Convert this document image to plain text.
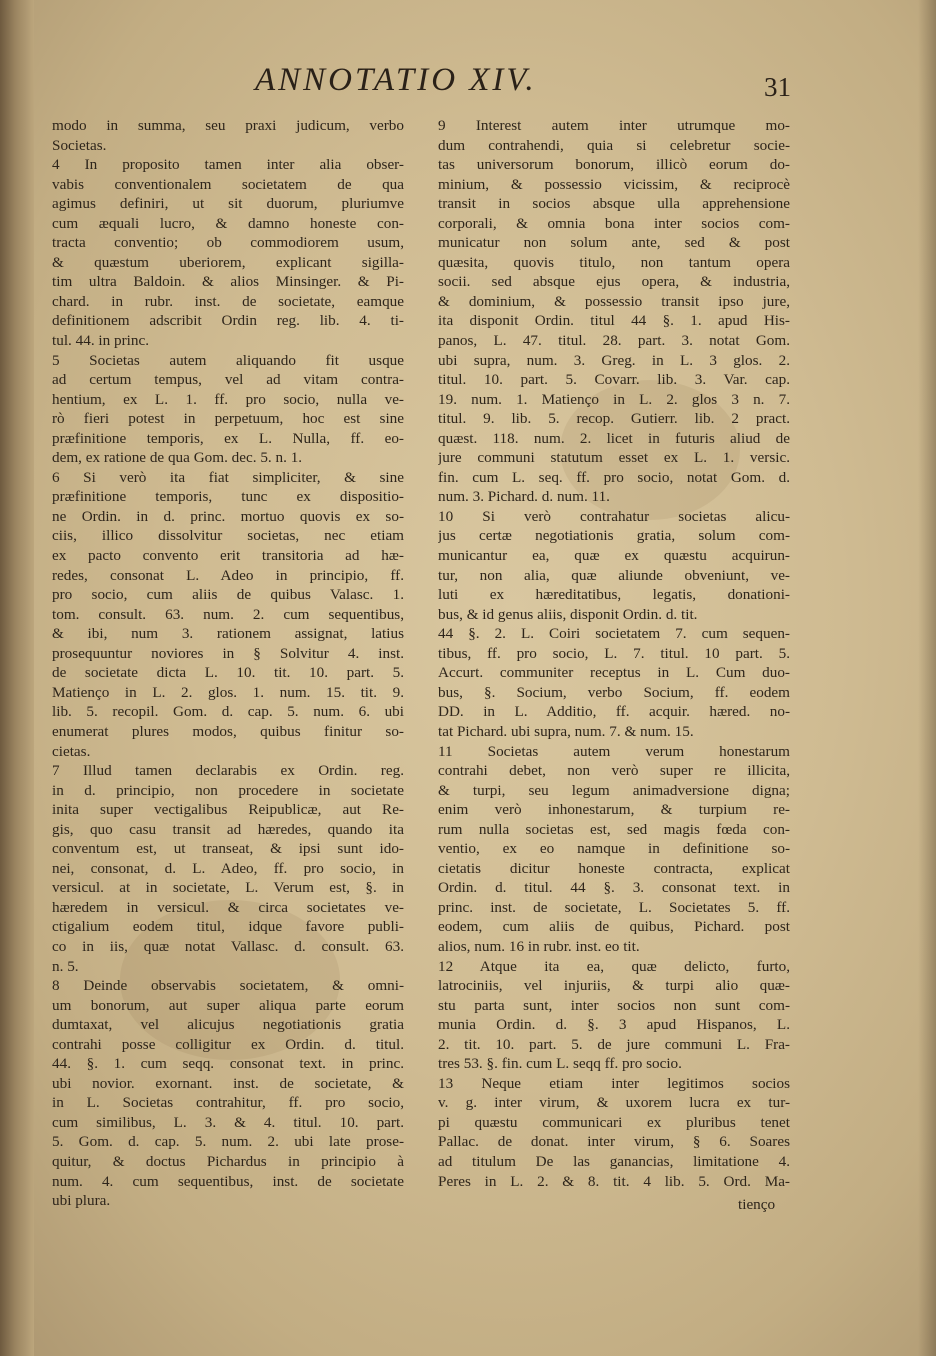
ANNOTATIO XIV.	31
modo in summa, seu praxi judicum, verbo
Societas.
4 In proposito tamen inter alia obser-
vabis conventionalem societatem de qua
agimus definiri, ut sit duorum, pluriumve
cum æquali lucro, & damno honeste con-
tracta conventio; ob commodiorem usum,
& quæstum uberiorem, explicant sigilla-
tim ultra Baldoin. & alios Minsinger. & Pi-
chard. in rubr. inst. de societate, eamque
definitionem adscribit Ordin reg. lib. 4. ti-
tul. 44. in princ.
5 Societas autem aliquando fit usque
ad certum tempus, vel ad vitam contra-
hentium, ex L. 1. ff. pro socio, nulla ve-
rò fieri potest in perpetuum, hoc est sine
præfinitione temporis, ex L. Nulla, ff. eo-
dem, ex ratione de qua Gom. dec. 5. n. 1.
6 Si verò ita fiat simpliciter, & sine
præfinitione temporis, tunc ex dispositio-
ne Ordin. in d. princ. mortuo quovis ex so-
ciis, illico dissolvitur societas, nec etiam
ex pacto convento erit transitoria ad hæ-
redes, consonat L. Adeo in principio, ff.
pro socio, cum aliis de quibus Valasc. 1.
tom. consult. 63. num. 2. cum sequentibus,
& ibi, num 3. rationem assignat, latius
prosequuntur noviores in § Solvitur 4. inst.
de societate dicta L. 10. tit. 10. part. 5.
Matienço in L. 2. glos. 1. num. 15. tit. 9.
lib. 5. recopil. Gom. d. cap. 5. num. 6. ubi
enumerat plures modos, quibus finitur so-
cietas.
7 Illud tamen declarabis ex Ordin. reg.
in d. principio, non procedere in societate
inita super vectigalibus Reipublicæ, aut Re-
gis, quo casu transit ad hæredes, quando ita
conventum est, ut transeat, & ipsi sunt ido-
nei, consonat, d. L. Adeo, ff. pro socio, in
versicul. at in societate, L. Verum est, §. in
hæredem in versicul. & circa societates ve-
ctigalium eodem titul, idque favore publi-
co in iis, quæ notat Vallasc. d. consult. 63.
n. 5.
8 Deinde observabis societatem, & omni-
um bonorum, aut super aliqua parte eorum
dumtaxat, vel alicujus negotiationis gratia
contrahi posse colligitur ex Ordin. d. titul.
44. §. 1. cum seqq. consonat text. in princ.
ubi novior. exornant. inst. de societate, &
in L. Societas contrahitur, ff. pro socio,
cum similibus, L. 3. & 4. titul. 10. part.
5. Gom. d. cap. 5. num. 2. ubi late prose-
quitur, & doctus Pichardus in principio à
num. 4. cum sequentibus, inst. de societate
ubi plura.
9 Interest autem inter utrumque mo-
dum contrahendi, quia si celebretur socie-
tas universorum bonorum, illicò eorum do-
minium, & possessio vicissim, & reciprocè
transit in socios absque ulla apprehensione
corporali, & omnia bona inter socios com-
municatur non solum ante, sed & post
quæsita, quovis titulo, non tantum opera
socii. sed absque ejus opera, & industria,
& dominium, & possessio transit ipso jure,
ita disponit Ordin. titul 44 §. 1. apud His-
panos, L. 47. titul. 28. part. 3. notat Gom.
ubi supra, num. 3. Greg. in L. 3 glos. 2.
titul. 10. part. 5. Covarr. lib. 3. Var. cap.
19. num. 1. Matienço in L. 2. glos 3 n. 7.
titul. 9. lib. 5. recop. Gutierr. lib. 2 pract.
quæst. 118. num. 2. licet in futuris aliud de
jure communi statutum esset ex L. 1. versic.
fin. cum L. seq. ff. pro socio, notat Gom. d.
num. 3. Pichard. d. num. 11.
10 Si verò contrahatur societas alicu-
jus certæ negotiationis gratia, solum com-
municantur ea, quæ ex quæstu acquirun-
tur, non alia, quæ aliunde obveniunt, ve-
luti ex hæreditatibus, legatis, donationi-
bus, & id genus aliis, disponit Ordin. d. tit.
44 §. 2. L. Coiri societatem 7. cum sequen-
tibus, ff. pro socio, L. 7. titul. 10 part. 5.
Accurt. communiter receptus in L. Cum duo-
bus, §. Socium, verbo Socium, ff. eodem
DD. in L. Additio, ff. acquir. hæred. no-
tat Pichard. ubi supra, num. 7. & num. 15.
11 Societas autem verum honestarum
contrahi debet, non verò super re illicita,
& turpi, seu legum animadversione digna;
enim verò inhonestarum, & turpium re-
rum nulla societas est, sed magis fœda con-
ventio, ex eo namque in definitione so-
cietatis dicitur honeste contracta, explicat
Ordin. d. titul. 44 §. 3. consonat text. in
princ. inst. de societate, L. Societates 5. ff.
eodem, cum aliis de quibus, Pichard. post
alios, num. 16 in rubr. inst. eo tit.
12 Atque ita ea, quæ delicto, furto,
latrociniis, vel injuriis, & turpi alio quæ-
stu parta sunt, inter socios non sunt com-
munia Ordin. d. §. 3 apud Hispanos, L.
2. tit. 10. part. 5. de jure communi L. Fra-
tres 53. §. fin. cum L. seqq ff. pro socio.
13 Neque etiam inter legitimos socios
v. g. inter virum, & uxorem lucra ex tur-
pi quæstu communicari ex pluribus tenet
Pallac. de donat. inter virum, § 6. Soares
ad titulum De las ganancias, limitatione 4.
Peres in L. 2. & 8. tit. 4 lib. 5. Ord. Ma-
tienço
